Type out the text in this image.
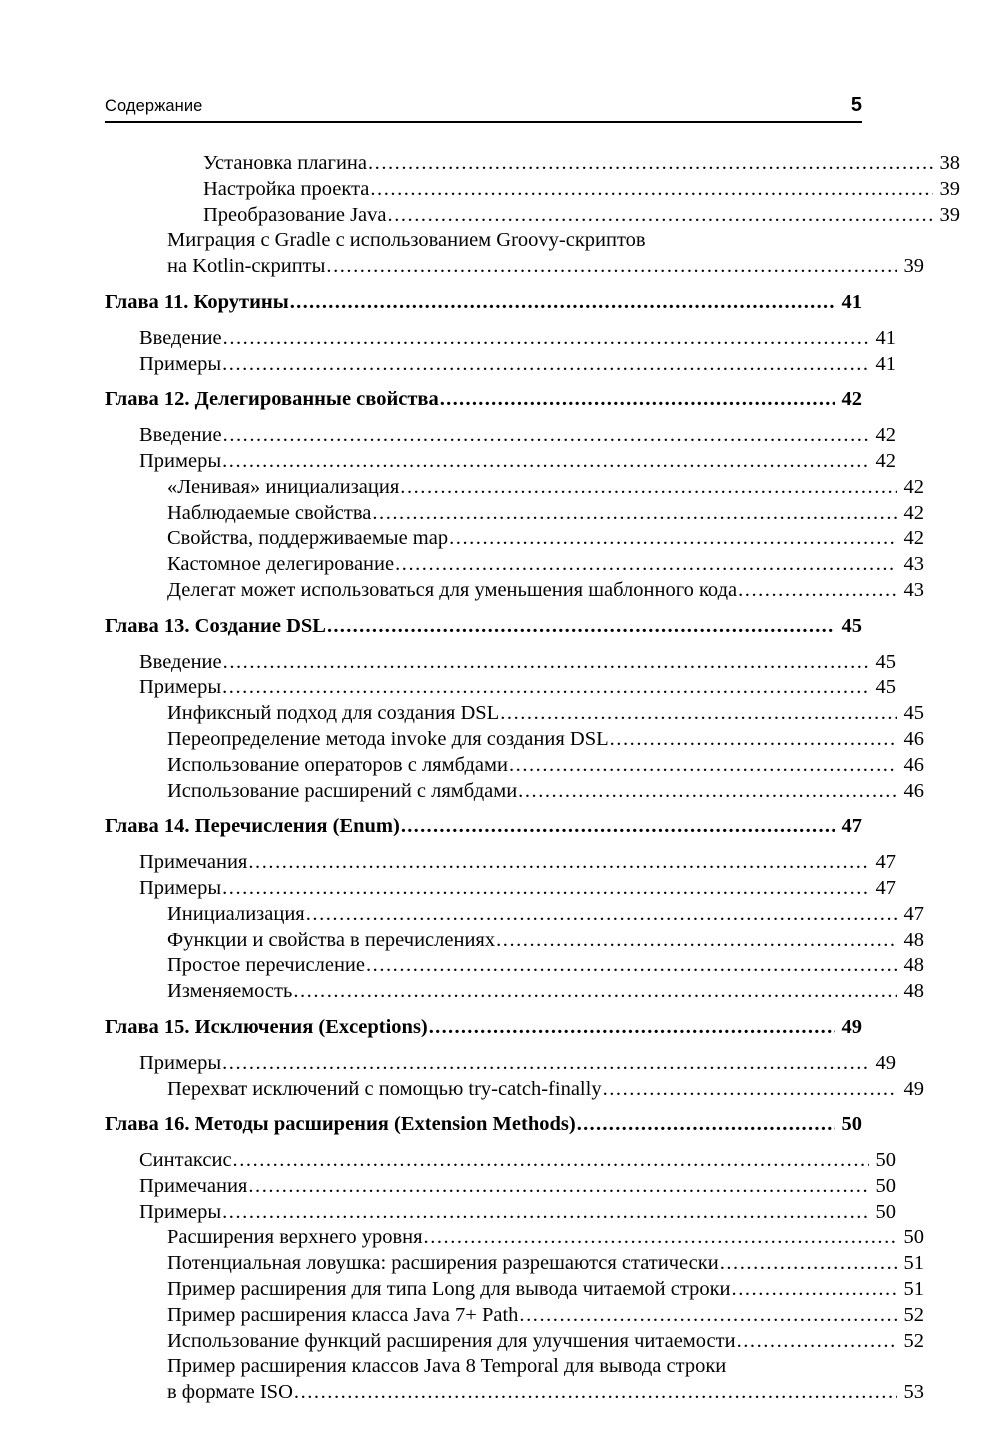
Содержание	5
Установка плагина .....	38
Настройка проекта .....	39
Преобразование Java .....	39
Миграция с Gradle с использованием Groovy-скриптов
на Kotlin-скрипты .....	39
Глава 11. Корутины .....	41
Введение .....	41
Примеры .....	41
Глава 12. Делегированные свойства .....	42
Введение .....	42
Примеры .....	42
«Ленивая» инициализация .....	42
Наблюдаемые свойства .....	42
Свойства, поддерживаемые map .....	42
Кастомное делегирование .....	43
Делегат может использоваться для уменьшения шаблонного кода .....	43
Глава 13. Создание DSL .....	45
Введение .....	45
Примеры .....	45
Инфиксный подход для создания DSL .....	45
Переопределение метода invoke для создания DSL .....	46
Использование операторов с лямбдами .....	46
Использование расширений с лямбдами .....	46
Глава 14. Перечисления (Enum) .....	47
Примечания .....	47
Примеры .....	47
Инициализация .....	47
Функции и свойства в перечислениях .....	48
Простое перечисление .....	48
Изменяемость .....	48
Глава 15. Исключения (Exceptions) .....	49
Примеры .....	49
Перехват исключений с помощью try-catch-finally .....	49
Глава 16. Методы расширения (Extension Methods) .....	50
Синтаксис .....	50
Примечания .....	50
Примеры .....	50
Расширения верхнего уровня .....	50
Потенциальная ловушка: расширения разрешаются статически .....	51
Пример расширения для типа Long для вывода читаемой строки .....	51
Пример расширения класса Java 7+ Path .....	52
Использование функций расширения для улучшения читаемости .....	52
Пример расширения классов Java 8 Temporal для вывода строки
в формате ISO .....	53
